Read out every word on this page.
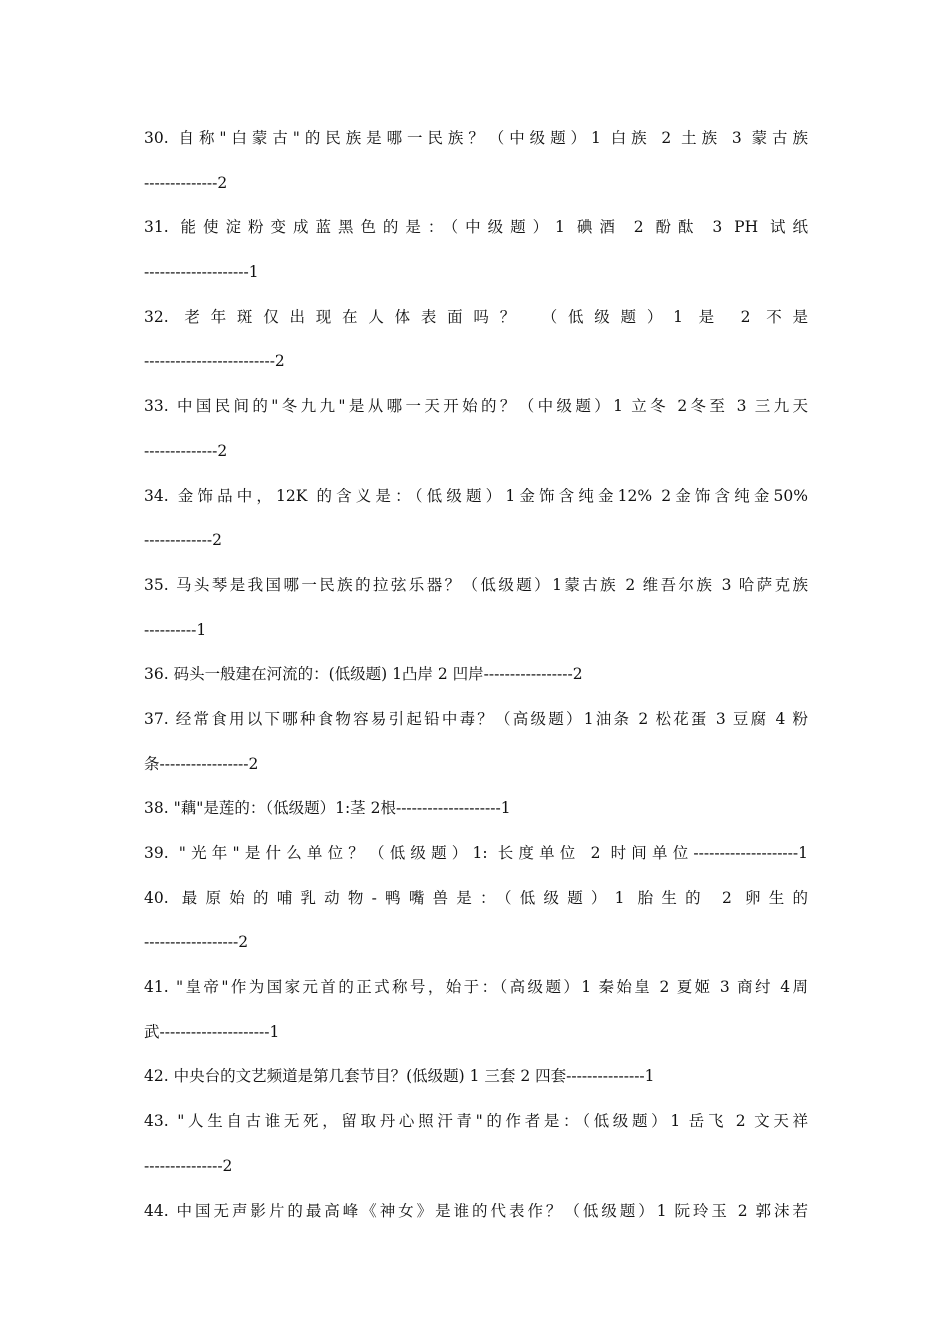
30. 自称"白蒙古"的民族是哪一民族？（中级题）1 白族 2 土族 3 蒙古族
--------------2
31. 能使淀粉变成蓝黑色的是：（中级题）1 碘酒 2 酚酞 3 PH 试纸
--------------------1
32. 老年斑仅出现在人体表面吗？ （低级题）1 是 2 不是
-------------------------2
33. 中国民间的"冬九九"是从哪一天开始的？（中级题）1 立冬 2冬至 3 三九天
--------------2
34. 金饰品中，12K 的含义是：（低级题）1金饰含纯金12% 2金饰含纯金50%
-------------2
35. 马头琴是我国哪一民族的拉弦乐器？（低级题）1蒙古族 2 维吾尔族 3 哈萨克族
----------1
36. 码头一般建在河流的：(低级题) 1凸岸 2 凹岸-----------------2
37. 经常食用以下哪种食物容易引起铅中毒？（高级题）1油条 2 松花蛋 3 豆腐 4 粉
条-----------------2
38. "藕"是莲的：（低级题）1:茎 2根--------------------1
39. "光年"是什么单位？（低级题）1: 长度单位 2 时间单位--------------------1
40. 最原始的哺乳动物-鸭嘴兽是：（低级题）1 胎生的 2 卵生的
------------------2
41. "皇帝"作为国家元首的正式称号，始于：（高级题）1 秦始皇 2 夏姬 3 商纣 4周
武---------------------1
42. 中央台的文艺频道是第几套节目？(低级题) 1 三套 2 四套---------------1
43. "人生自古谁无死，留取丹心照汗青"的作者是：（低级题）1 岳飞 2 文天祥
---------------2
44. 中国无声影片的最高峰《神女》是谁的代表作？（低级题）1 阮玲玉 2 郭沫若
